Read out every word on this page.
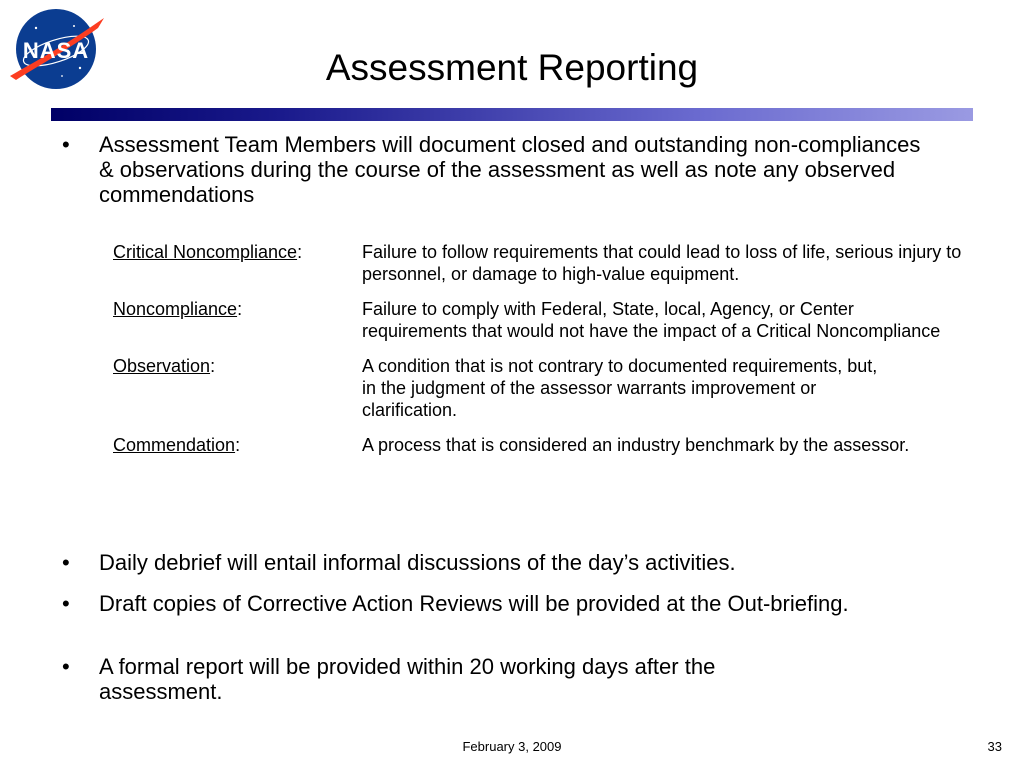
NASA	Assessment Reporting
• Assessment Team Members will document closed and outstanding non-compliances & observations during the course of the assessment as well as note any observed commendations
Critical Noncompliance:	Failure to follow requirements that could lead to loss of life, serious injury to personnel, or damage to high-value equipment.
Noncompliance:	Failure to comply with Federal, State, local, Agency, or Center requirements that would not have the impact of a Critical Noncompliance
Observation:	A condition that is not contrary to documented requirements, but, in the judgment of the assessor warrants improvement or clarification.
Commendation:	A process that is considered an industry benchmark by the assessor.
• Daily debrief will entail informal discussions of the day’s activities.
• Draft copies of Corrective Action Reviews will be provided at the Out-briefing.
• A formal report will be provided within 20 working days after the assessment.
February 3, 2009	33
